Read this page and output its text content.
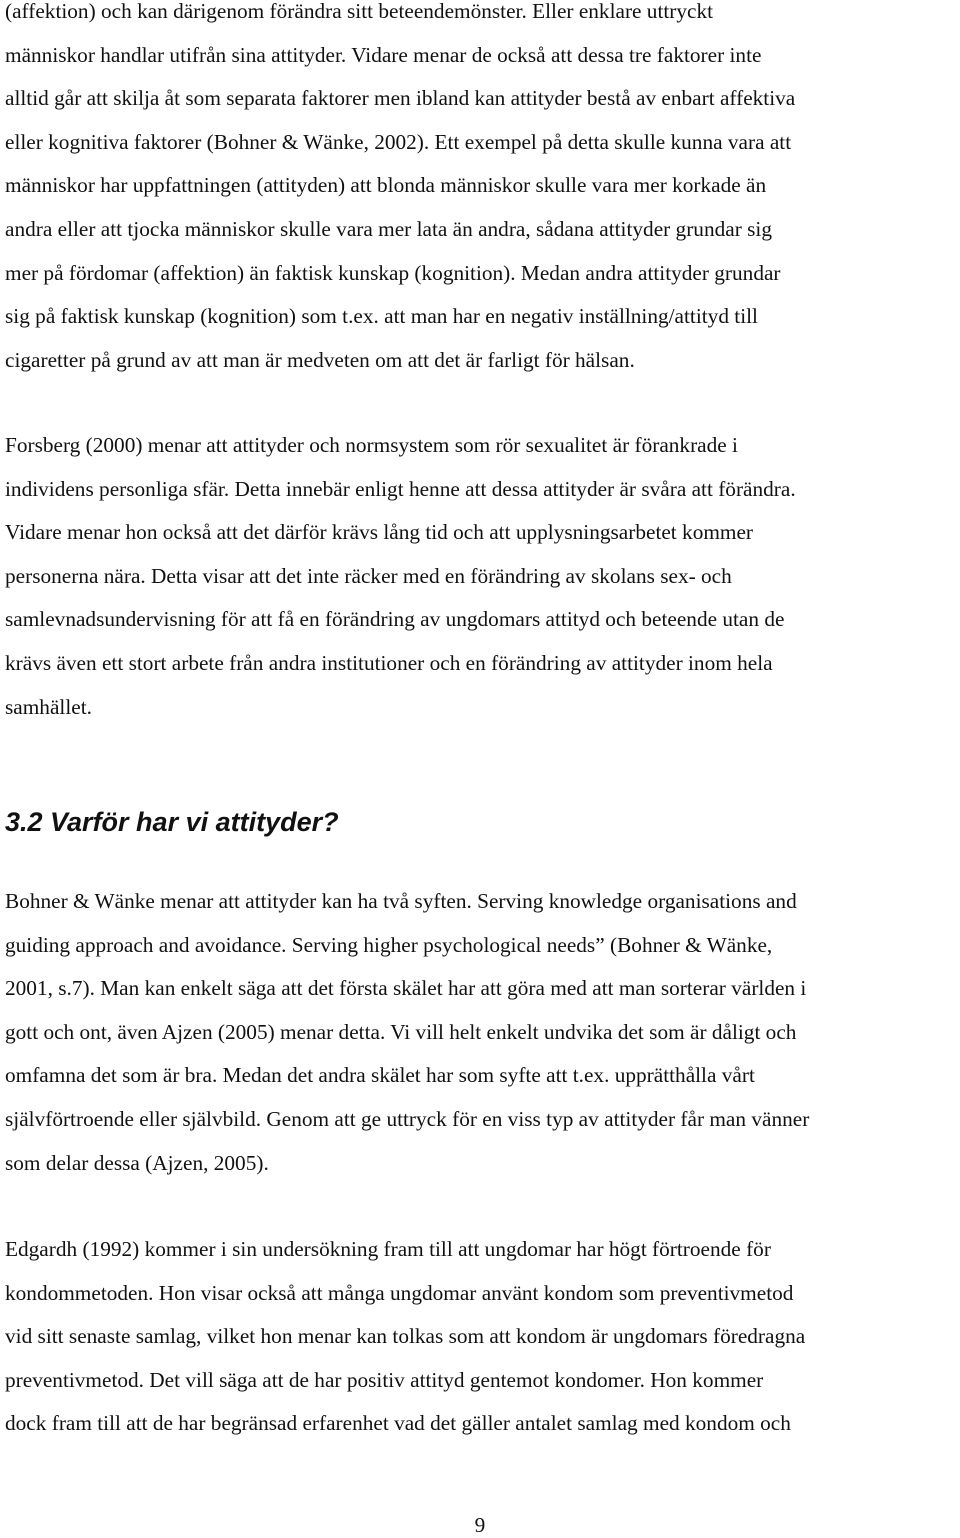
(affektion) och kan därigenom förändra sitt beteendemönster. Eller enklare uttryckt
människor handlar utifrån sina attityder. Vidare menar de också att dessa tre faktorer inte
alltid går att skilja åt som separata faktorer men ibland kan attityder bestå av enbart affektiva
eller kognitiva faktorer (Bohner & Wänke, 2002). Ett exempel på detta skulle kunna vara att
människor har uppfattningen (attityden) att blonda människor skulle vara mer korkade än
andra eller att tjocka människor skulle vara mer lata än andra, sådana attityder grundar sig
mer på fördomar (affektion) än faktisk kunskap (kognition). Medan andra attityder grundar
sig på faktisk kunskap (kognition) som t.ex. att man har en negativ inställning/attityd till
cigaretter på grund av att man är medveten om att det är farligt för hälsan.
Forsberg (2000) menar att attityder och normsystem som rör sexualitet är förankrade i
individens personliga sfär. Detta innebär enligt henne att dessa attityder är svåra att förändra.
Vidare menar hon också att det därför krävs lång tid och att upplysningsarbetet kommer
personerna nära. Detta visar att det inte räcker med en förändring av skolans sex- och
samlevnadsundervisning för att få en förändring av ungdomars attityd och beteende utan de
krävs även ett stort arbete från andra institutioner och en förändring av attityder inom hela
samhället.
3.2 Varför har vi attityder?
Bohner & Wänke menar att attityder kan ha två syften. Serving knowledge organisations and
guiding approach and avoidance. Serving higher psychological needs” (Bohner & Wänke,
2001, s.7). Man kan enkelt säga att det första skälet har att göra med att man sorterar världen i
gott och ont, även Ajzen (2005) menar detta. Vi vill helt enkelt undvika det som är dåligt och
omfamna det som är bra. Medan det andra skälet har som syfte att t.ex. upprätthålla vårt
självförtroende eller självbild. Genom att ge uttryck för en viss typ av attityder får man vänner
som delar dessa (Ajzen, 2005).
Edgardh (1992) kommer i sin undersökning fram till att ungdomar har högt förtroende för
kondommetoden. Hon visar också att många ungdomar använt kondom som preventivmetod
vid sitt senaste samlag, vilket hon menar kan tolkas som att kondom är ungdomars föredragna
preventivmetod. Det vill säga att de har positiv attityd gentemot kondomer. Hon kommer
dock fram till att de har begränsad erfarenhet vad det gäller antalet samlag med kondom och
9
